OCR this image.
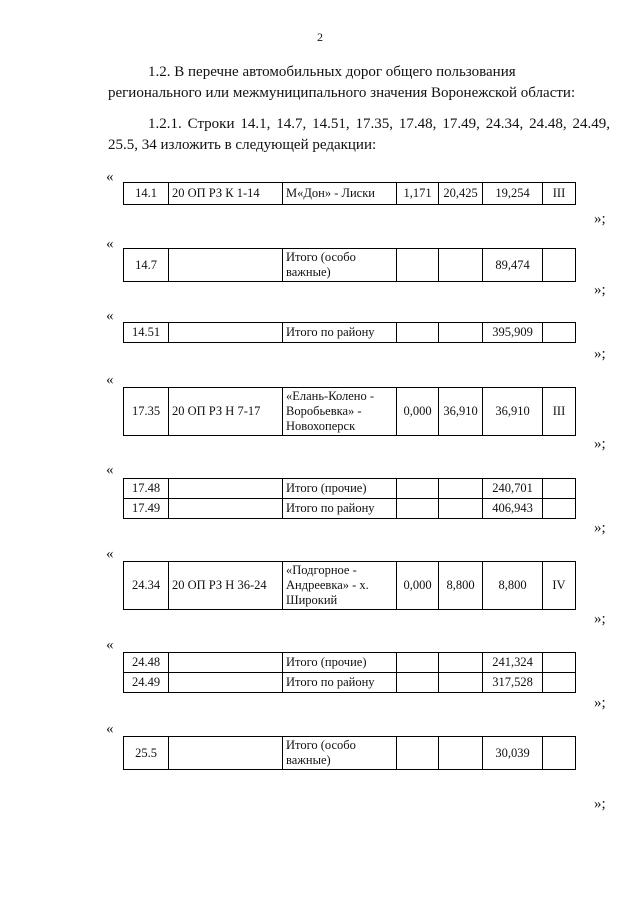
2

1.2. В перечне автомобильных дорог общего пользования регионального или межмуниципального значения Воронежской области:

1.2.1. Строки 14.1, 14.7, 14.51, 17.35, 17.48, 17.49, 24.34, 24.48, 24.49, 25.5, 34 изложить в следующей редакции:

«
14.1	20 ОП РЗ К 1-14	М«Дон» - Лиски	1,171	20,425	19,254	III
»;
«
14.7		Итого (особо важные)			89,474	
»;
«
14.51		Итого по району			395,909	
»;
«
17.35	20 ОП РЗ Н 7-17	«Елань-Колено - Воробьевка» - Новохоперск	0,000	36,910	36,910	III
»;
«
17.48		Итого (прочие)			240,701	
17.49		Итого по району			406,943	
»;
«
24.34	20 ОП РЗ Н 36-24	«Подгорное - Андреевка» - х. Широкий	0,000	8,800	8,800	IV
»;
«
24.48		Итого (прочие)			241,324	
24.49		Итого по району			317,528	
»;
«
25.5		Итого (особо важные)			30,039	
»;
